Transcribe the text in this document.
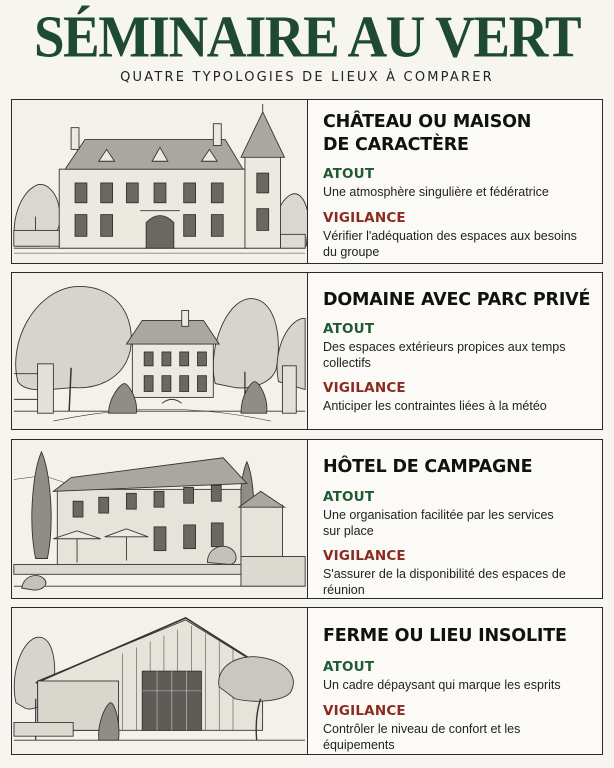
SÉMINAIRE AU VERT
QUATRE TYPOLOGIES DE LIEUX À COMPARER
CHÂTEAU OU MAISON DE CARACTÈRE
ATOUT
Une atmosphère singulière et fédératrice
VIGILANCE
Vérifier l'adéquation des espaces aux besoins du groupe
DOMAINE AVEC PARC PRIVÉ
ATOUT
Des espaces extérieurs propices aux temps collectifs
VIGILANCE
Anticiper les contraintes liées à la météo
HÔTEL DE CAMPAGNE
ATOUT
Une organisation facilitée par les services sur place
VIGILANCE
S'assurer de la disponibilité des espaces de réunion
FERME OU LIEU INSOLITE
ATOUT
Un cadre dépaysant qui marque les esprits
VIGILANCE
Contrôler le niveau de confort et les équipements
